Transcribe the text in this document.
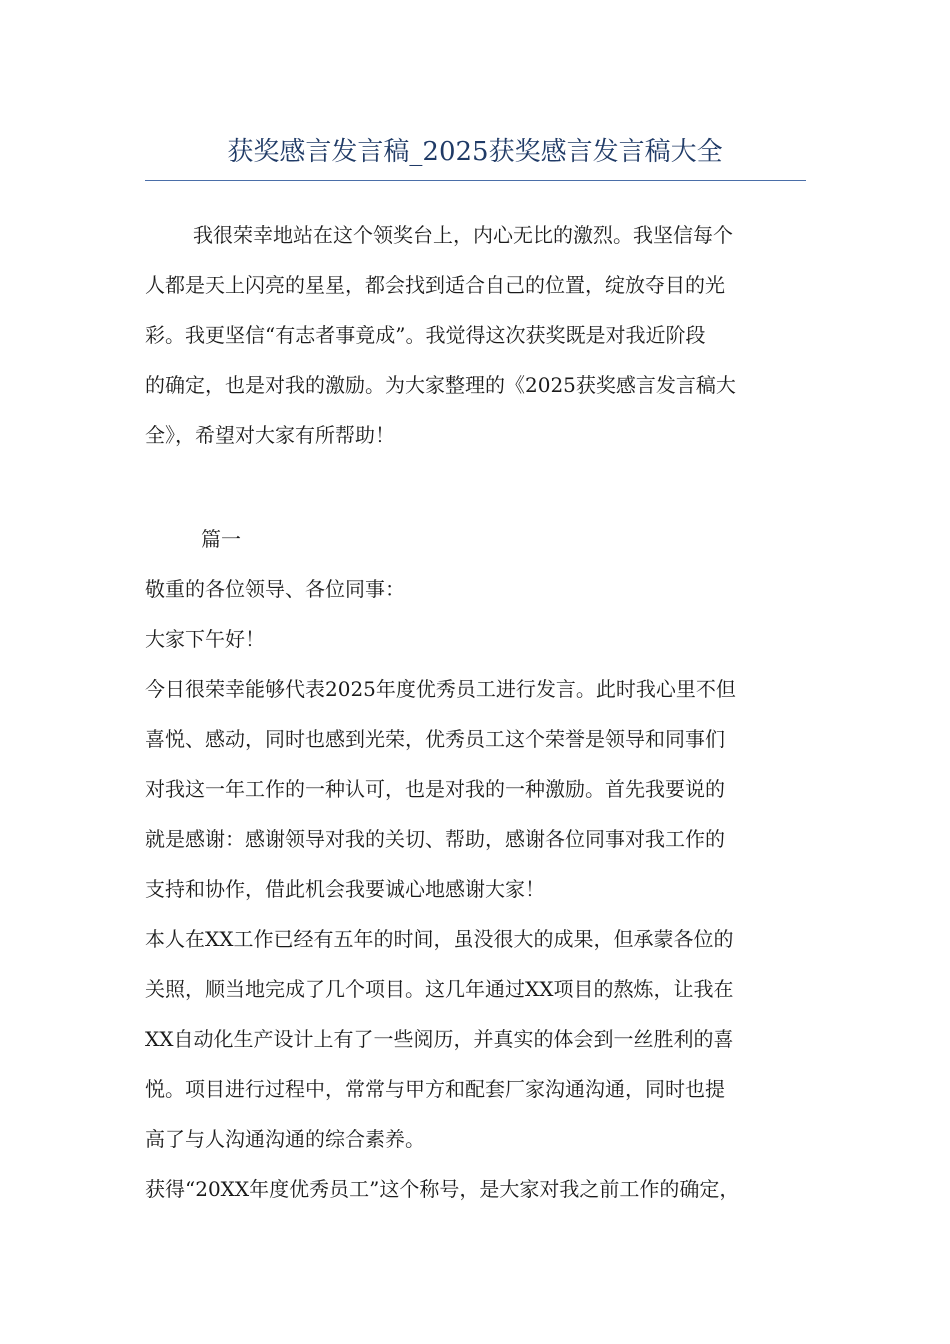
获奖感言发言稿_2025获奖感言发言稿大全

我很荣幸地站在这个领奖台上，内心无比的激烈。我坚信每个

人都是天上闪亮的星星，都会找到适合自己的位置，绽放夺目的光

彩。我更坚信“有志者事竟成”。我觉得这次获奖既是对我近阶段

的确定，也是对我的激励。为大家整理的《2025获奖感言发言稿大

全》，希望对大家有所帮助！

篇一

敬重的各位领导、各位同事：

大家下午好！

今日很荣幸能够代表2025年度优秀员工进行发言。此时我心里不但

喜悦、感动，同时也感到光荣，优秀员工这个荣誉是领导和同事们

对我这一年工作的一种认可，也是对我的一种激励。首先我要说的

就是感谢：感谢领导对我的关切、帮助，感谢各位同事对我工作的

支持和协作，借此机会我要诚心地感谢大家！

本人在XX工作已经有五年的时间，虽没很大的成果，但承蒙各位的

关照，顺当地完成了几个项目。这几年通过XX项目的熬炼，让我在

XX自动化生产设计上有了一些阅历，并真实的体会到一丝胜利的喜

悦。项目进行过程中，常常与甲方和配套厂家沟通沟通，同时也提

高了与人沟通沟通的综合素养。

获得“20XX年度优秀员工”这个称号，是大家对我之前工作的确定，
